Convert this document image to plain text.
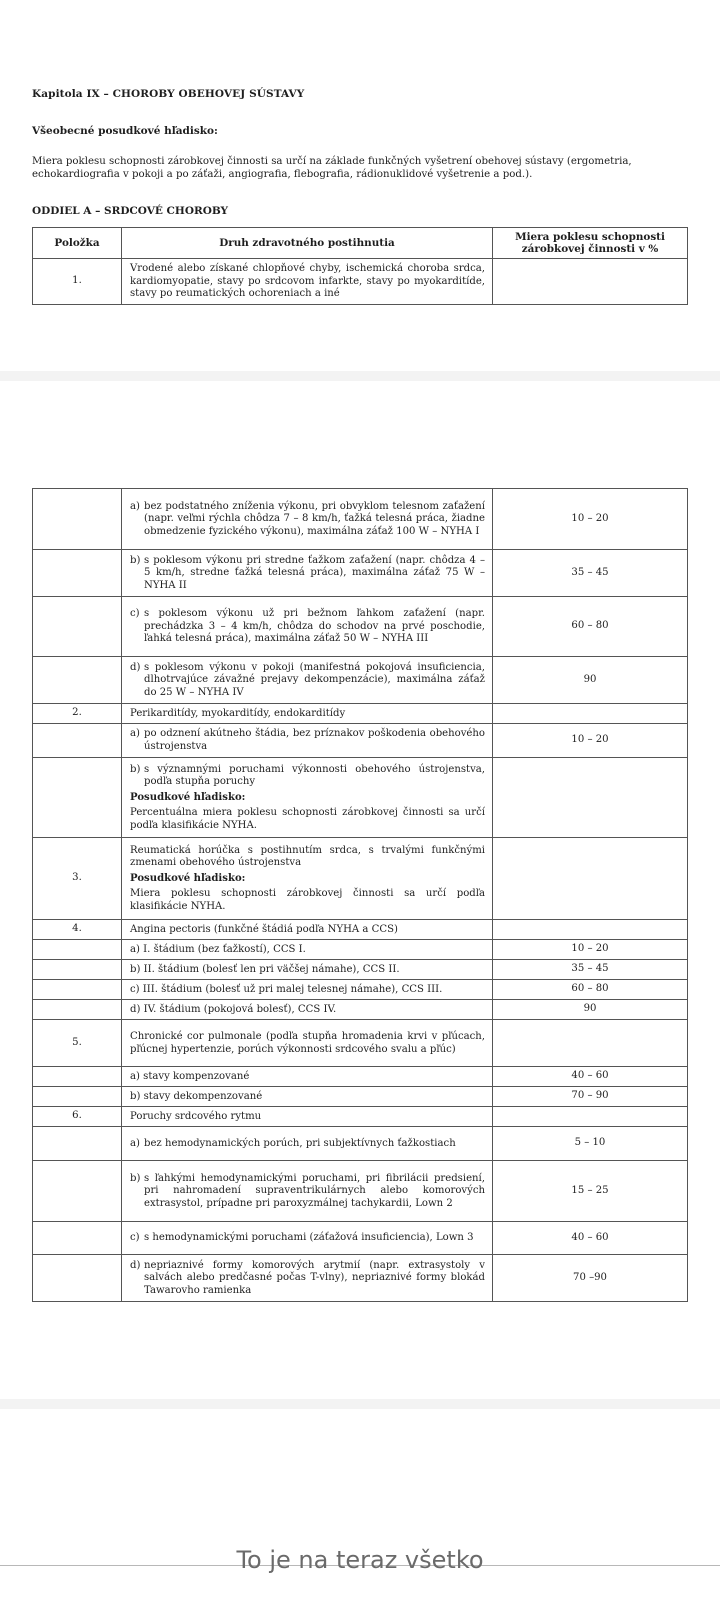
Kapitola IX – CHOROBY OBEHOVEJ SÚSTAVY
Všeobecné posudkové hľadisko:
Miera poklesu schopnosti zárobkovej činnosti sa určí na základe funkčných vyšetrení obehovej sústavy (ergometria, echokardiografia v pokoji a po záťaži, angiografia, flebografia, rádionuklidové vyšetrenie a pod.).
ODDIEL A – SRDCOVÉ CHOROBY
Položka	Druh zdravotného postihnutia	Miera poklesu schopnosti zárobkovej činnosti v %
1.	Vrodené alebo získané chlopňové chyby, ischemická choroba srdca, kardiomyopatie, stavy po srdcovom infarkte, stavy po myokarditíde, stavy po reumatických ochoreniach a iné	

	a) bez podstatného zníženia výkonu, pri obvyklom telesnom zaťažení (napr. veľmi rýchla chôdza 7 – 8 km/h, ťažká telesná práca, žiadne obmedzenie fyzického výkonu), maximálna záťaž 100 W – NYHA I	10 – 20

	b) s poklesom výkonu pri stredne ťažkom zaťažení (napr. chôdza 4 – 5 km/h, stredne ťažká telesná práca), maximálna záťaž 75 W – NYHA II	35 – 45

	c) s poklesom výkonu už pri bežnom ľahkom zaťažení (napr. prechádzka 3 – 4 km/h, chôdza do schodov na prvé poschodie, ľahká telesná práca), maximálna záťaž 50 W – NYHA III	60 – 80

	d) s poklesom výkonu v pokoji (manifestná pokojová insuficiencia, dlhotrvajúce závažné prejavy dekompenzácie), maximálna záťaž do 25 W – NYHA IV	90
2.	Perikarditídy, myokarditídy, endokarditídy	

	a) po odznení akútneho štádia, bez príznakov poškodenia obehového ústrojenstva	10 – 20

	b) s významnými poruchami výkonnosti obehového ústrojenstva, podľa stupňa poruchy
Posudkové hľadisko:
Percentuálna miera poklesu schopnosti zárobkovej činnosti sa určí podľa klasifikácie NYHA.	

3.	Reumatická horúčka s postihnutím srdca, s trvalými funkčnými zmenami obehového ústrojenstva
Posudkové hľadisko:
Miera poklesu schopnosti zárobkovej činnosti sa určí podľa klasifikácie NYHA.	

4.	Angina pectoris (funkčné štádiá podľa NYHA a CCS)	
	a) I. štádium (bez ťažkostí), CCS I.	10 – 20
	b) II. štádium (bolesť len pri väčšej námahe), CCS II.	35 – 45
	c) III. štádium (bolesť už pri malej telesnej námahe), CCS III.	60 – 80
	d) IV. štádium (pokojová bolesť), CCS IV.	90
5.	Chronické cor pulmonale (podľa stupňa hromadenia krvi v pľúcach, pľúcnej hypertenzie, porúch výkonnosti srdcového svalu a pľúc)	
	a) stavy kompenzované	40 – 60
	b) stavy dekompenzované	70 – 90
6.	Poruchy srdcového rytmu	

	a) bez hemodynamických porúch, pri subjektívnych ťažkostiach	5 – 10

	b) s ľahkými hemodynamickými poruchami, pri fibrilácii predsiení, pri nahromadení supraventrikulárnych alebo komorových extrasystol, prípadne pri paroxyzmálnej tachykardii, Lown 2	15 – 25

	c) s hemodynamickými poruchami (záťažová insuficiencia), Lown 3	40 – 60

	d) nepriaznivé formy komorových arytmií (napr. extrasystoly v salvách alebo predčasné počas T-vlny), nepriaznivé formy blokád Tawarovho ramienka	70 –90
To je na teraz všetko
